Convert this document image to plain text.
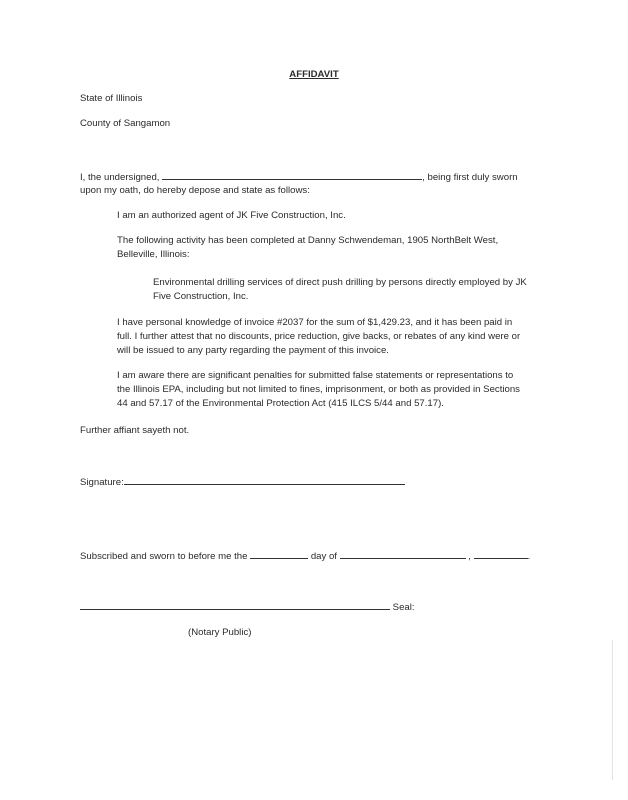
AFFIDAVIT
State of Illinois
County of Sangamon
I, the undersigned,	, being first duly sworn
upon my oath, do hereby depose and state as follows:
I am an authorized agent of JK Five Construction, Inc.
The following activity has been completed at Danny Schwendeman, 1905 NorthBelt West,
Belleville, Illinois:
Environmental drilling services of direct push drilling by persons directly employed by JK
Five Construction, Inc.
I have personal knowledge of invoice #2037 for the sum of $1,429.23, and it has been paid in
full. I further attest that no discounts, price reduction, give backs, or rebates of any kind were or
will be issued to any party regarding the payment of this invoice.
I am aware there are significant penalties for submitted false statements or representations to
the Illinois EPA, including but not limited to fines, imprisonment, or both as provided in Sections
44 and 57.17 of the Environmental Protection Act (415 ILCS 5/44 and 57.17).
Further affiant sayeth not.
Signature:
Subscribed and sworn to before me the	day of	,	.
Seal:
(Notary Public)
